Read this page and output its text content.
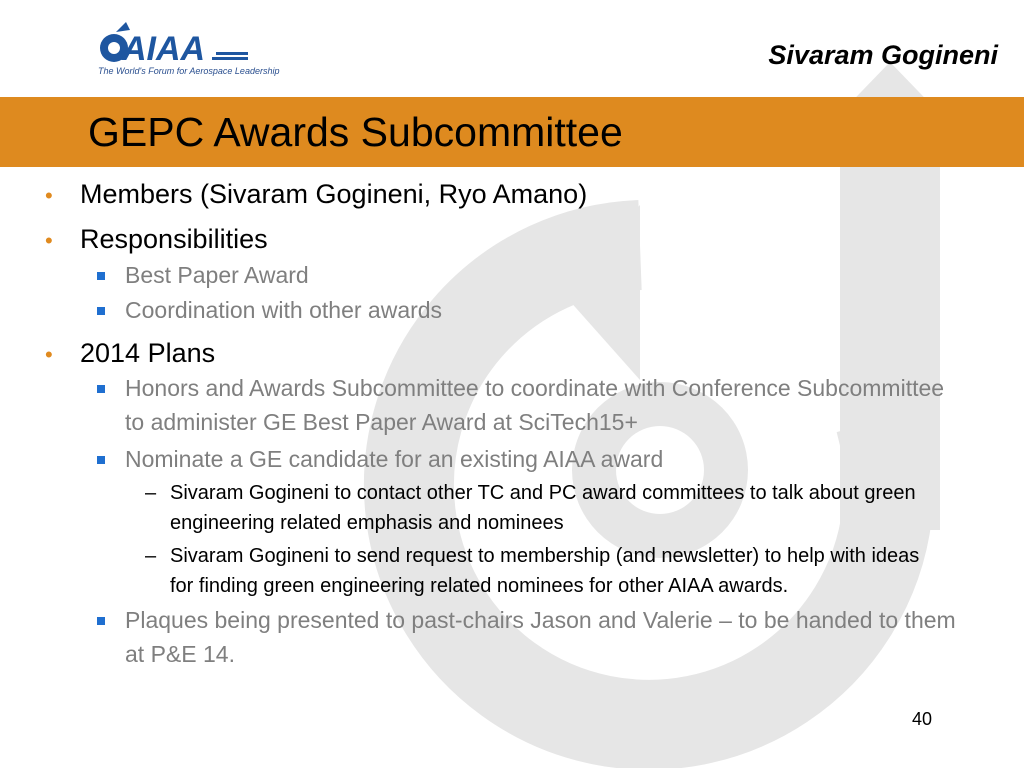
AIAA
The World's Forum for Aerospace Leadership
Sivaram Gogineni
GEPC Awards Subcommittee
• Members (Sivaram Gogineni, Ryo Amano)
• Responsibilities
Best Paper Award
Coordination with other awards
• 2014 Plans
Honors and Awards Subcommittee to coordinate with Conference Subcommittee
to administer GE Best Paper Award at SciTech15+
Nominate a GE candidate for an existing AIAA award
– Sivaram Gogineni to contact other TC and PC award committees to talk about green
engineering related emphasis and nominees
– Sivaram Gogineni to send request to membership (and newsletter) to help with ideas
for finding green engineering related nominees for other AIAA awards.
Plaques being presented to past-chairs Jason and Valerie – to be handed to them
at P&E 14.
40
